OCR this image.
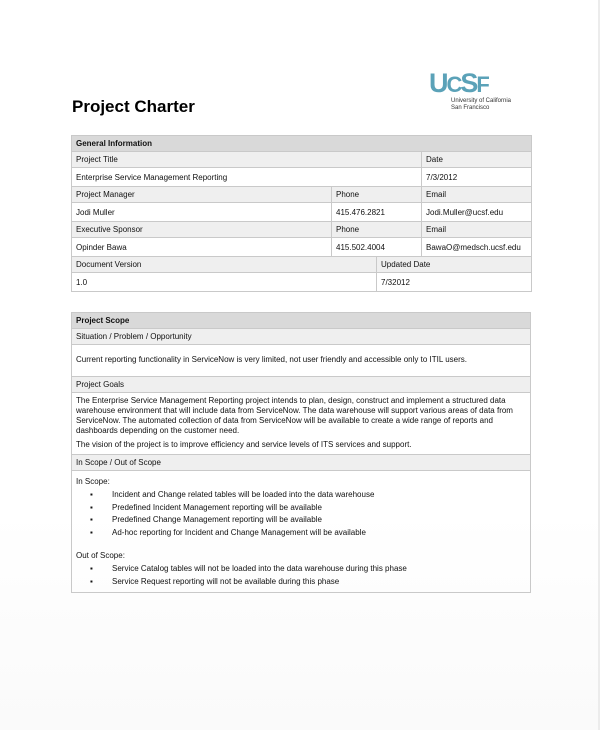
Project Charter
UCSF
University of California
San Francisco
General Information			
Project Title			Date
Enterprise Service Management Reporting			7/3/2012
Project Manager	Phone		Email
Jodi Muller	415.476.2821		Jodi.Muller@ucsf.edu
Executive Sponsor	Phone		Email
Opinder Bawa	415.502.4004		BawaO@medsch.ucsf.edu
Document Version		Updated Date	
1.0		7/32012	
Project Scope
Situation / Problem / Opportunity
Current reporting functionality in ServiceNow is very limited, not user friendly and accessible only to ITIL users.
Project Goals

The Enterprise Service Management Reporting project intends to plan, design, construct and implement a structured data warehouse environment that will include data from ServiceNow. The data warehouse will support various areas of data from ServiceNow. The automated collection of data from ServiceNow will be available to create a wide range of reports and dashboards depending on the customer need.

The vision of the project is to improve efficiency and service levels of ITS services and support.

In Scope / Out of Scope

In Scope:
▪ Incident and Change related tables will be loaded into the data warehouse
▪ Predefined Incident Management reporting will be available
▪ Predefined Change Management reporting will be available
▪ Ad-hoc reporting for Incident and Change Management will be available
Out of Scope:
▪ Service Catalog tables will not be loaded into the data warehouse during this phase
▪ Service Request reporting will not be available during this phase
